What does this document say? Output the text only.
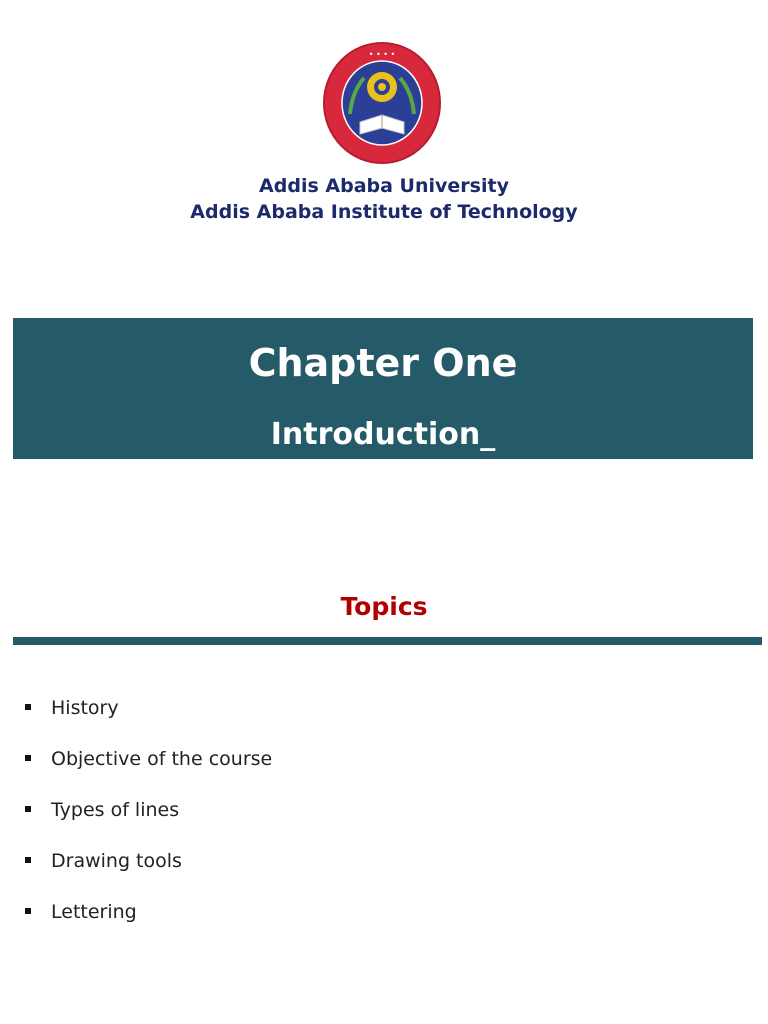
• • • •
Addis Ababa University
Addis Ababa Institute of Technology
Chapter One
Introduction_
Topics
History
Objective of the course
Types of lines
Drawing tools
Lettering
